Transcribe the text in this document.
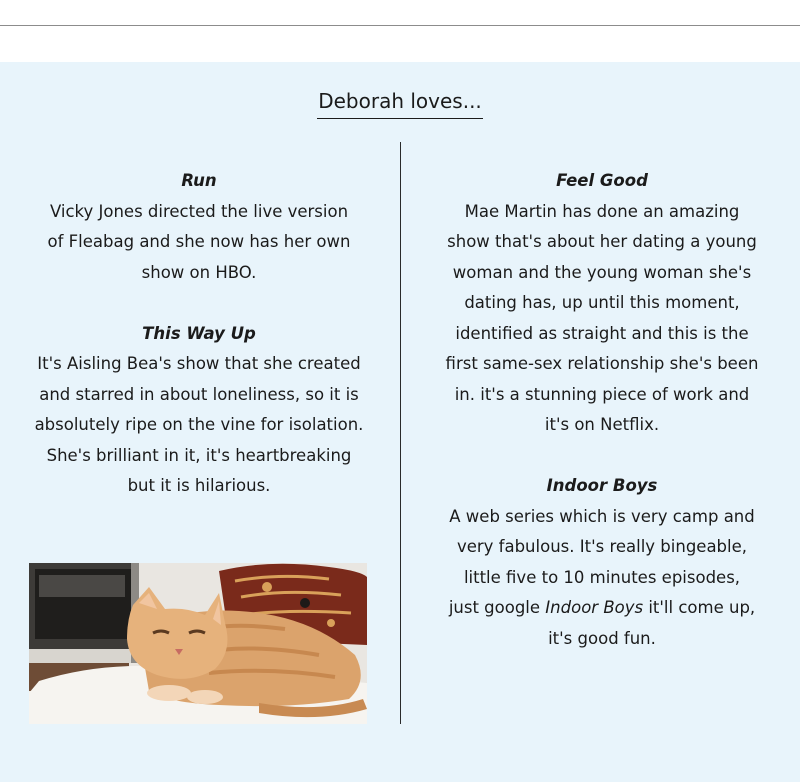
Deborah loves...
Run
Vicky Jones directed the live version
of Fleabag and she now has her own
show on HBO.
This Way Up
It's Aisling Bea's show that she created
and starred in about loneliness, so it is
absolutely ripe on the vine for isolation.
She's brilliant in it, it's heartbreaking
but it is hilarious.
Feel Good
Mae Martin has done an amazing
show that's about her dating a young
woman and the young woman she's
dating has, up until this moment,
identified as straight and this is the
first same-sex relationship she's been
in. it's a stunning piece of work and
it's on Netflix.
Indoor Boys
A web series which is very camp and
very fabulous. It's really bingeable,
little five to 10 minutes episodes,
just google Indoor Boys it'll come up,
it's good fun.
